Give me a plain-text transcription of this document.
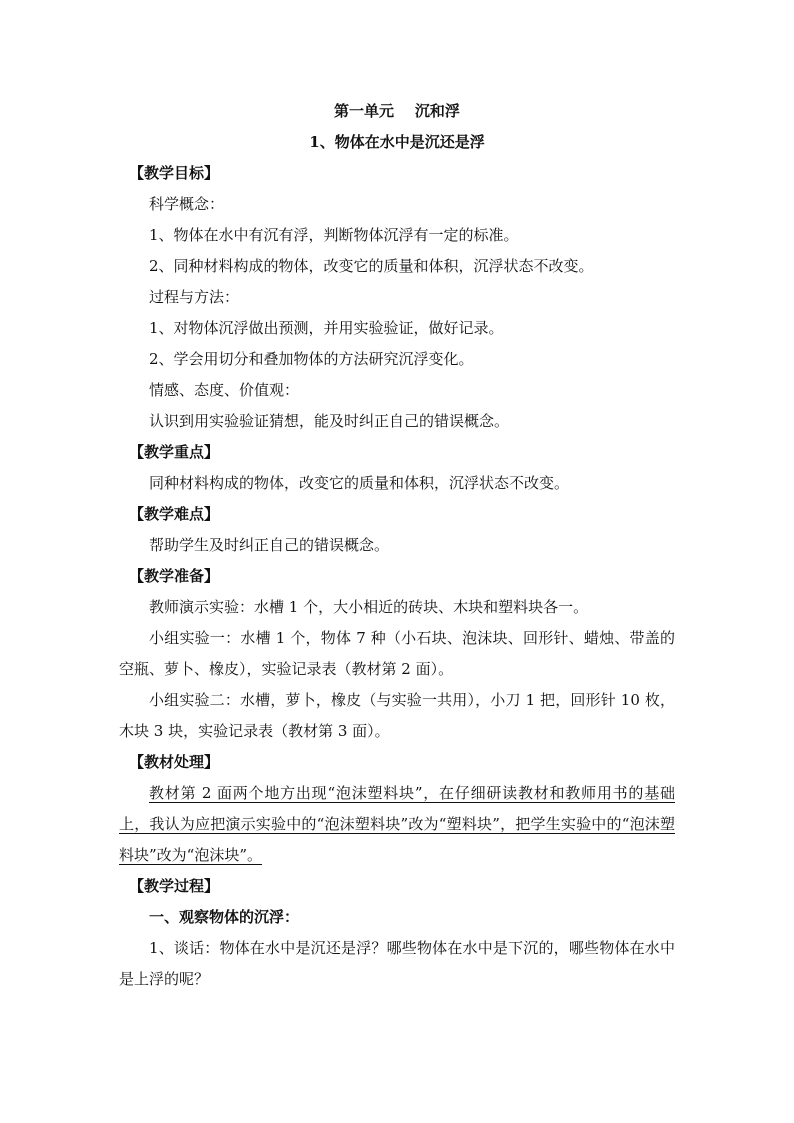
第一单元    沉和浮
1、物体在水中是沉还是浮
【教学目标】
科学概念：
1、物体在水中有沉有浮，判断物体沉浮有一定的标准。
2、同种材料构成的物体，改变它的质量和体积，沉浮状态不改变。
过程与方法：
1、对物体沉浮做出预测，并用实验验证，做好记录。
2、学会用切分和叠加物体的方法研究沉浮变化。
情感、态度、价值观：
认识到用实验验证猜想，能及时纠正自己的错误概念。
【教学重点】
同种材料构成的物体，改变它的质量和体积，沉浮状态不改变。
【教学难点】
帮助学生及时纠正自己的错误概念。
【教学准备】
教师演示实验：水槽 1 个，大小相近的砖块、木块和塑料块各一。
小组实验一：水槽 1 个，物体 7 种（小石块、泡沫块、回形针、蜡烛、带盖的空瓶、萝卜、橡皮），实验记录表（教材第 2 面）。
小组实验二：水槽，萝卜，橡皮（与实验一共用），小刀 1 把，回形针 10 枚，木块 3 块，实验记录表（教材第 3 面）。
【教材处理】
教材第 2 面两个地方出现“泡沫塑料块”，在仔细研读教材和教师用书的基础上，我认为应把演示实验中的“泡沫塑料块”改为“塑料块”，把学生实验中的“泡沫塑料块”改为“泡沫块”。
【教学过程】
一、观察物体的沉浮：
1、谈话：物体在水中是沉还是浮？哪些物体在水中是下沉的，哪些物体在水中是上浮的呢？
